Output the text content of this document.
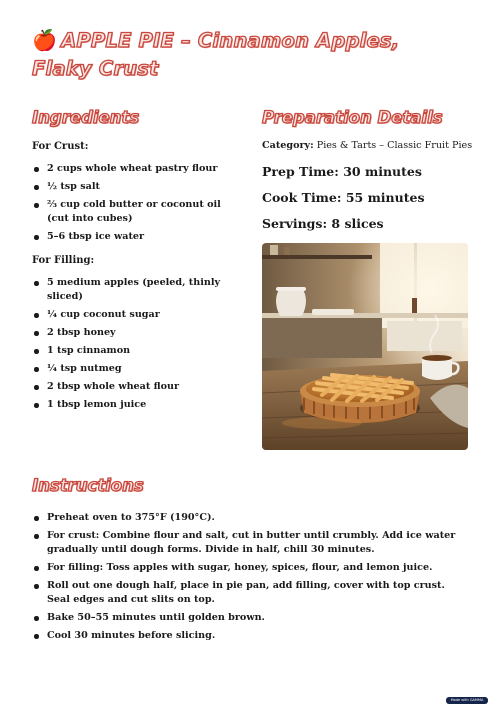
🍎 APPLE PIE – Cinnamon Apples, Flaky Crust
Ingredients
For Crust:
2 cups whole wheat pastry flour
½ tsp salt
⅔ cup cold butter or coconut oil (cut into cubes)
5–6 tbsp ice water
For Filling:
5 medium apples (peeled, thinly sliced)
¼ cup coconut sugar
2 tbsp honey
1 tsp cinnamon
¼ tsp nutmeg
2 tbsp whole wheat flour
1 tbsp lemon juice
Preparation Details
Category: Pies & Tarts – Classic Fruit Pies
Prep Time: 30 minutes
Cook Time: 55 minutes
Servings: 8 slices
Instructions
Preheat oven to 375°F (190°C).
For crust: Combine flour and salt, cut in butter until crumbly. Add ice water gradually until dough forms. Divide in half, chill 30 minutes.
For filling: Toss apples with sugar, honey, spices, flour, and lemon juice.
Roll out one dough half, place in pie pan, add filling, cover with top crust. Seal edges and cut slits on top.
Bake 50–55 minutes until golden brown.
Cool 30 minutes before slicing.
Made with GAMMA
